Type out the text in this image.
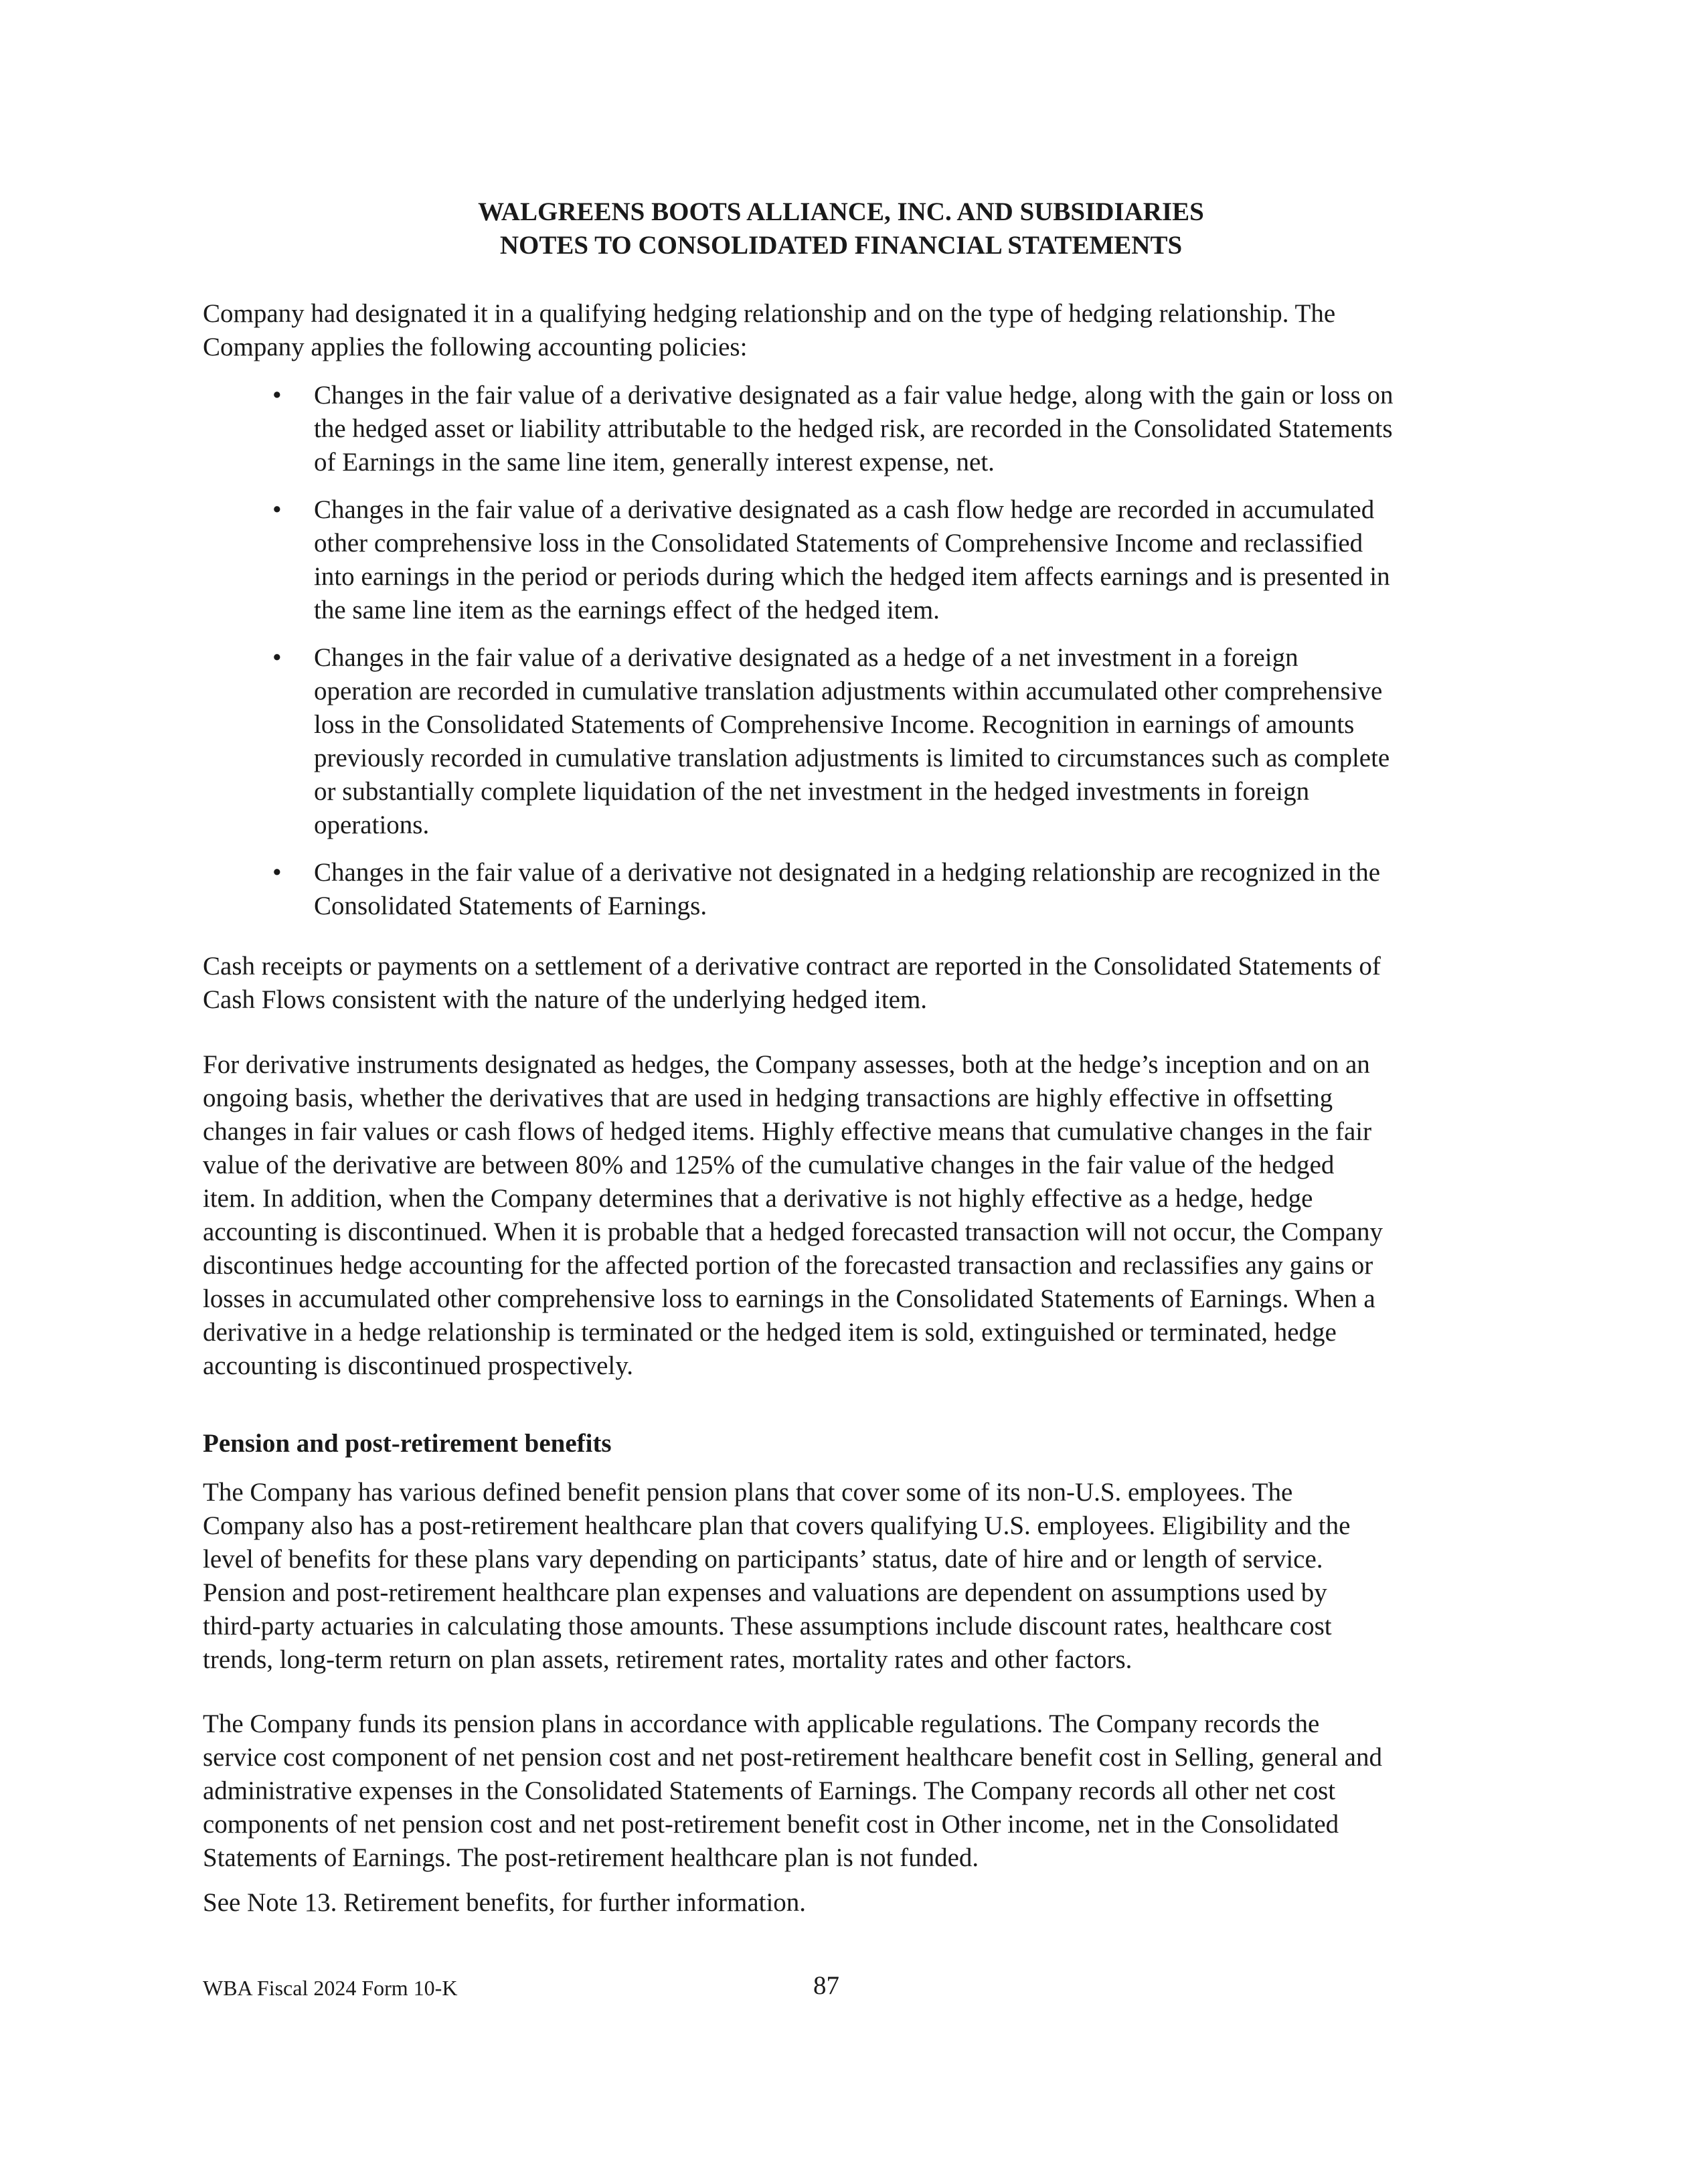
WALGREENS BOOTS ALLIANCE, INC. AND SUBSIDIARIES
NOTES TO CONSOLIDATED FINANCIAL STATEMENTS
Company had designated it in a qualifying hedging relationship and on the type of hedging relationship. The
Company applies the following accounting policies:
• Changes in the fair value of a derivative designated as a fair value hedge, along with the gain or loss on
the hedged asset or liability attributable to the hedged risk, are recorded in the Consolidated Statements
of Earnings in the same line item, generally interest expense, net.
• Changes in the fair value of a derivative designated as a cash flow hedge are recorded in accumulated
other comprehensive loss in the Consolidated Statements of Comprehensive Income and reclassified
into earnings in the period or periods during which the hedged item affects earnings and is presented in
the same line item as the earnings effect of the hedged item.
• Changes in the fair value of a derivative designated as a hedge of a net investment in a foreign
operation are recorded in cumulative translation adjustments within accumulated other comprehensive
loss in the Consolidated Statements of Comprehensive Income. Recognition in earnings of amounts
previously recorded in cumulative translation adjustments is limited to circumstances such as complete
or substantially complete liquidation of the net investment in the hedged investments in foreign
operations.
• Changes in the fair value of a derivative not designated in a hedging relationship are recognized in the
Consolidated Statements of Earnings.
Cash receipts or payments on a settlement of a derivative contract are reported in the Consolidated Statements of
Cash Flows consistent with the nature of the underlying hedged item.
For derivative instruments designated as hedges, the Company assesses, both at the hedge’s inception and on an
ongoing basis, whether the derivatives that are used in hedging transactions are highly effective in offsetting
changes in fair values or cash flows of hedged items. Highly effective means that cumulative changes in the fair
value of the derivative are between 80% and 125% of the cumulative changes in the fair value of the hedged
item. In addition, when the Company determines that a derivative is not highly effective as a hedge, hedge
accounting is discontinued. When it is probable that a hedged forecasted transaction will not occur, the Company
discontinues hedge accounting for the affected portion of the forecasted transaction and reclassifies any gains or
losses in accumulated other comprehensive loss to earnings in the Consolidated Statements of Earnings. When a
derivative in a hedge relationship is terminated or the hedged item is sold, extinguished or terminated, hedge
accounting is discontinued prospectively.
Pension and post-retirement benefits
The Company has various defined benefit pension plans that cover some of its non-U.S. employees. The
Company also has a post-retirement healthcare plan that covers qualifying U.S. employees. Eligibility and the
level of benefits for these plans vary depending on participants’ status, date of hire and or length of service.
Pension and post-retirement healthcare plan expenses and valuations are dependent on assumptions used by
third-party actuaries in calculating those amounts. These assumptions include discount rates, healthcare cost
trends, long-term return on plan assets, retirement rates, mortality rates and other factors.
The Company funds its pension plans in accordance with applicable regulations. The Company records the
service cost component of net pension cost and net post-retirement healthcare benefit cost in Selling, general and
administrative expenses in the Consolidated Statements of Earnings. The Company records all other net cost
components of net pension cost and net post-retirement benefit cost in Other income, net in the Consolidated
Statements of Earnings. The post-retirement healthcare plan is not funded.
See Note 13. Retirement benefits, for further information.
WBA Fiscal 2024 Form 10-K	87
